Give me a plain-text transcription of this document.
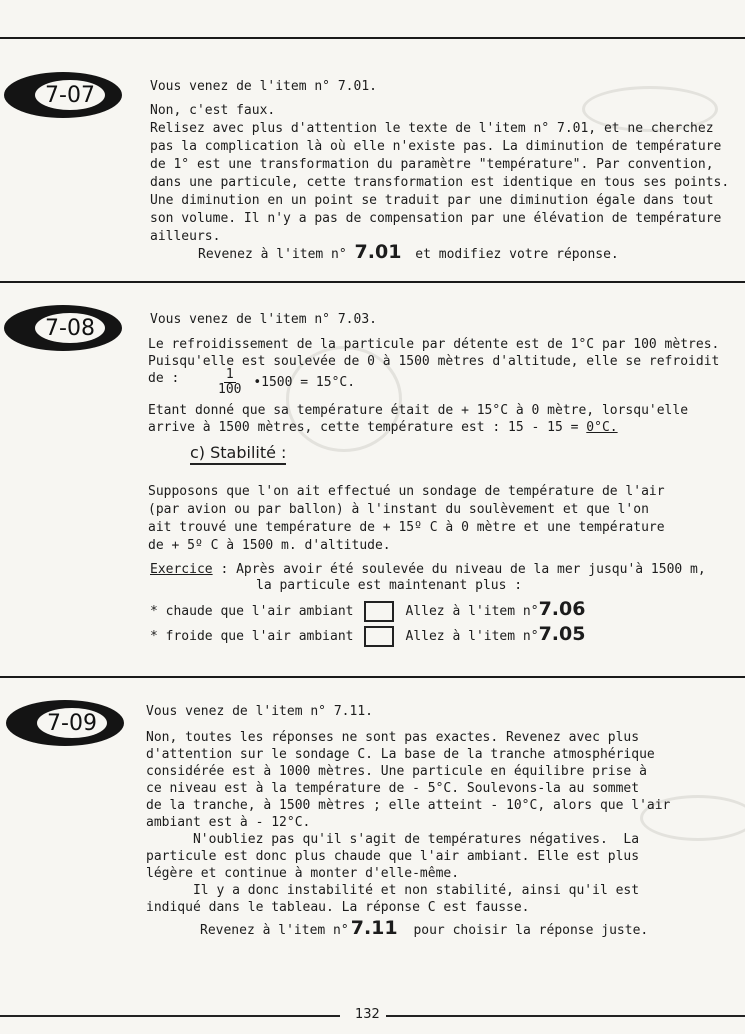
7-07	Vous venez de l'item n° 7.01.
Non, c'est faux.
Relisez avec plus d'attention le texte de l'item n° 7.01, et ne cherchez
pas la complication là où elle n'existe pas. La diminution de température
de 1° est une transformation du paramètre "température". Par convention,
dans une particule, cette transformation est identique en tous ses points.
Une diminution en un point se traduit par une diminution égale dans tout
son volume. Il n'y a pas de compensation par une élévation de température
ailleurs.
Revenez à l'item n° 7.01 et modifiez votre réponse.
7-08	Vous venez de l'item n° 7.03.
Le refroidissement de la particule par détente est de 1°C par 100 mètres.
Puisqu'elle est soulevée de 0 à 1500 mètres d'altitude, elle se refroidit
de :	$\frac{1}{100}$ •1500 = 15°C.
Etant donné que sa température était de + 15°C à 0 mètre, lorsqu'elle
arrive à 1500 mètres, cette température est : 15 - 15 = 0°C.
c) Stabilité :
Supposons que l'on ait effectué un sondage de température de l'air
(par avion ou par ballon) à l'instant du soulèvement et que l'on
ait trouvé une température de + 15º C à 0 mètre et une température
de + 5º C à 1500 m. d'altitude.
Exercice : Après avoir été soulevée du niveau de la mer jusqu'à 1500 m,
la particule est maintenant plus :
* chaude que l'air ambiant	Allez à l'item n°7.06
* froide que l'air ambiant	Allez à l'item n°7.05
7-09	Vous venez de l'item n° 7.11.
Non, toutes les réponses ne sont pas exactes. Revenez avec plus
d'attention sur le sondage C. La base de la tranche atmosphérique
considérée est à 1000 mètres. Une particule en équilibre prise à
ce niveau est à la température de - 5°C. Soulevons-la au sommet
de la tranche, à 1500 mètres ; elle atteint - 10°C, alors que l'air
ambiant est à - 12°C.
N'oubliez pas qu'il s'agit de températures négatives.  La
particule est donc plus chaude que l'air ambiant. Elle est plus
légère et continue à monter d'elle-même.
Il y a donc instabilité et non stabilité, ainsi qu'il est
indiqué dans le tableau. La réponse C est fausse.
Revenez à l'item n° 7.11 pour choisir la réponse juste.
132
